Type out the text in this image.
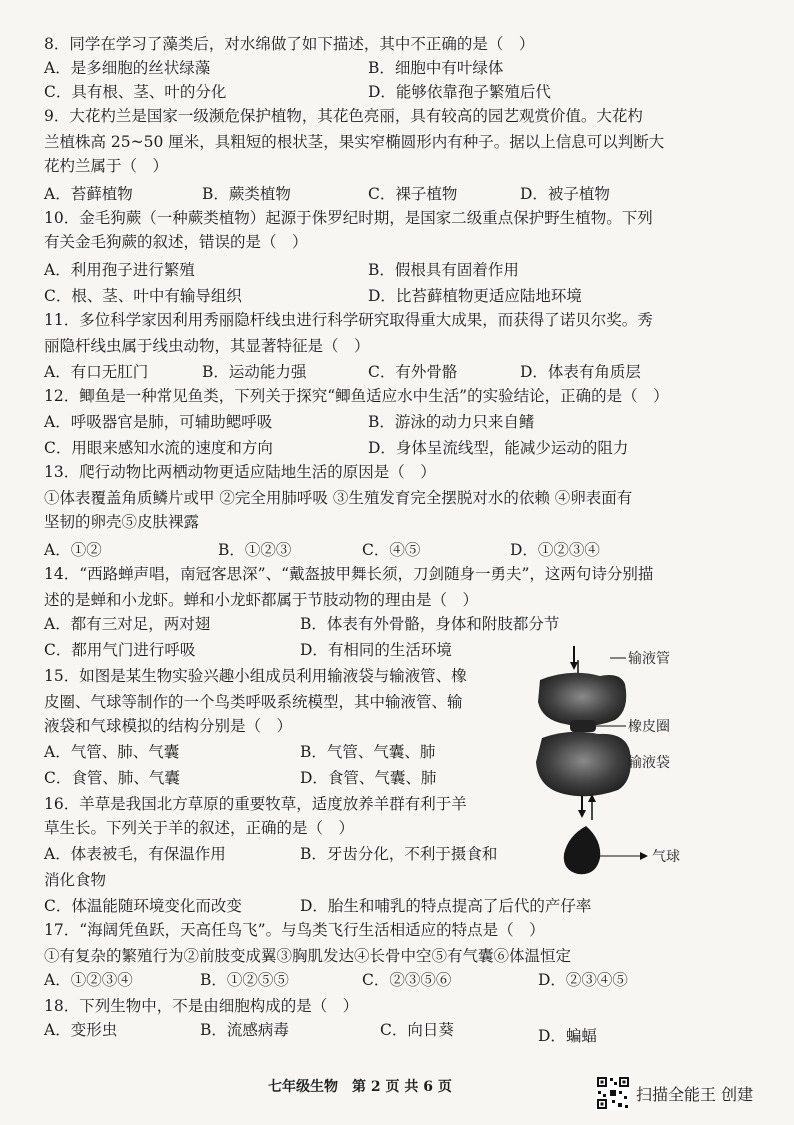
8．同学在学习了藻类后，对水绵做了如下描述，其中不正确的是（　）
A．是多细胞的丝状绿藻	B．细胞中有叶绿体
C．具有根、茎、叶的分化	D．能够依靠孢子繁殖后代
9．大花杓兰是国家一级濒危保护植物，其花色亮丽，具有较高的园艺观赏价值。大花杓
兰植株高 25~50 厘米，具粗短的根状茎，果实窄椭圆形内有种子。据以上信息可以判断大
花杓兰属于（　）
A．苔藓植物	B．蕨类植物	C．裸子植物	D．被子植物
10．金毛狗蕨（一种蕨类植物）起源于侏罗纪时期，是国家二级重点保护野生植物。下列
有关金毛狗蕨的叙述，错误的是（　）
A．利用孢子进行繁殖	B．假根具有固着作用
C．根、茎、叶中有输导组织	D．比苔藓植物更适应陆地环境
11．多位科学家因利用秀丽隐杆线虫进行科学研究取得重大成果，而获得了诺贝尔奖。秀
丽隐杆线虫属于线虫动物，其显著特征是（　）
A．有口无肛门	B．运动能力强	C．有外骨骼	D．体表有角质层
12．鲫鱼是一种常见鱼类，下列关于探究“鲫鱼适应水中生活”的实验结论，正确的是（　）
A．呼吸器官是肺，可辅助鳃呼吸	B．游泳的动力只来自鳍
C．用眼来感知水流的速度和方向	D．身体呈流线型，能减少运动的阻力
13．爬行动物比两栖动物更适应陆地生活的原因是（　）
①体表覆盖角质鳞片或甲 ②完全用肺呼吸 ③生殖发育完全摆脱对水的依赖 ④卵表面有
坚韧的卵壳⑤皮肤裸露
A．①②	B．①②③	C．④⑤	D．①②③④
14．“西路蝉声唱，南冠客思深”、“戴盔披甲舞长须，刀剑随身一勇夫”，这两句诗分别描
述的是蝉和小龙虾。蝉和小龙虾都属于节肢动物的理由是（　）
A．都有三对足，两对翅	B．体表有外骨骼，身体和附肢都分节
C．都用气门进行呼吸	D．有相同的生活环境
15．如图是某生物实验兴趣小组成员利用输液袋与输液管、橡
皮圈、气球等制作的一个鸟类呼吸系统模型，其中输液管、输
液袋和气球模拟的结构分别是（　）
A．气管、肺、气囊	B．气管、气囊、肺
C．食管、肺、气囊	D．食管、气囊、肺
输液管
橡皮圈
输液袋
气球
16．羊草是我国北方草原的重要牧草，适度放养羊群有利于羊
草生长。下列关于羊的叙述，正确的是（　）
A．体表被毛，有保温作用	B．牙齿分化，不利于摄食和
消化食物
C．体温能随环境变化而改变	D．胎生和哺乳的特点提高了后代的产仔率
17．“海阔凭鱼跃，天高任鸟飞”。与鸟类飞行生活相适应的特点是（　）
①有复杂的繁殖行为②前肢变成翼③胸肌发达④长骨中空⑤有气囊⑥体温恒定
A．①②③④	B．①②⑤⑤	C．②③⑤⑥	D．②③④⑤
18．下列生物中，不是由细胞构成的是（　）
A．变形虫	B．流感病毒	C．向日葵	D．蝙蝠
七年级生物　第 2 页 共 6 页	扫描全能王 创建
